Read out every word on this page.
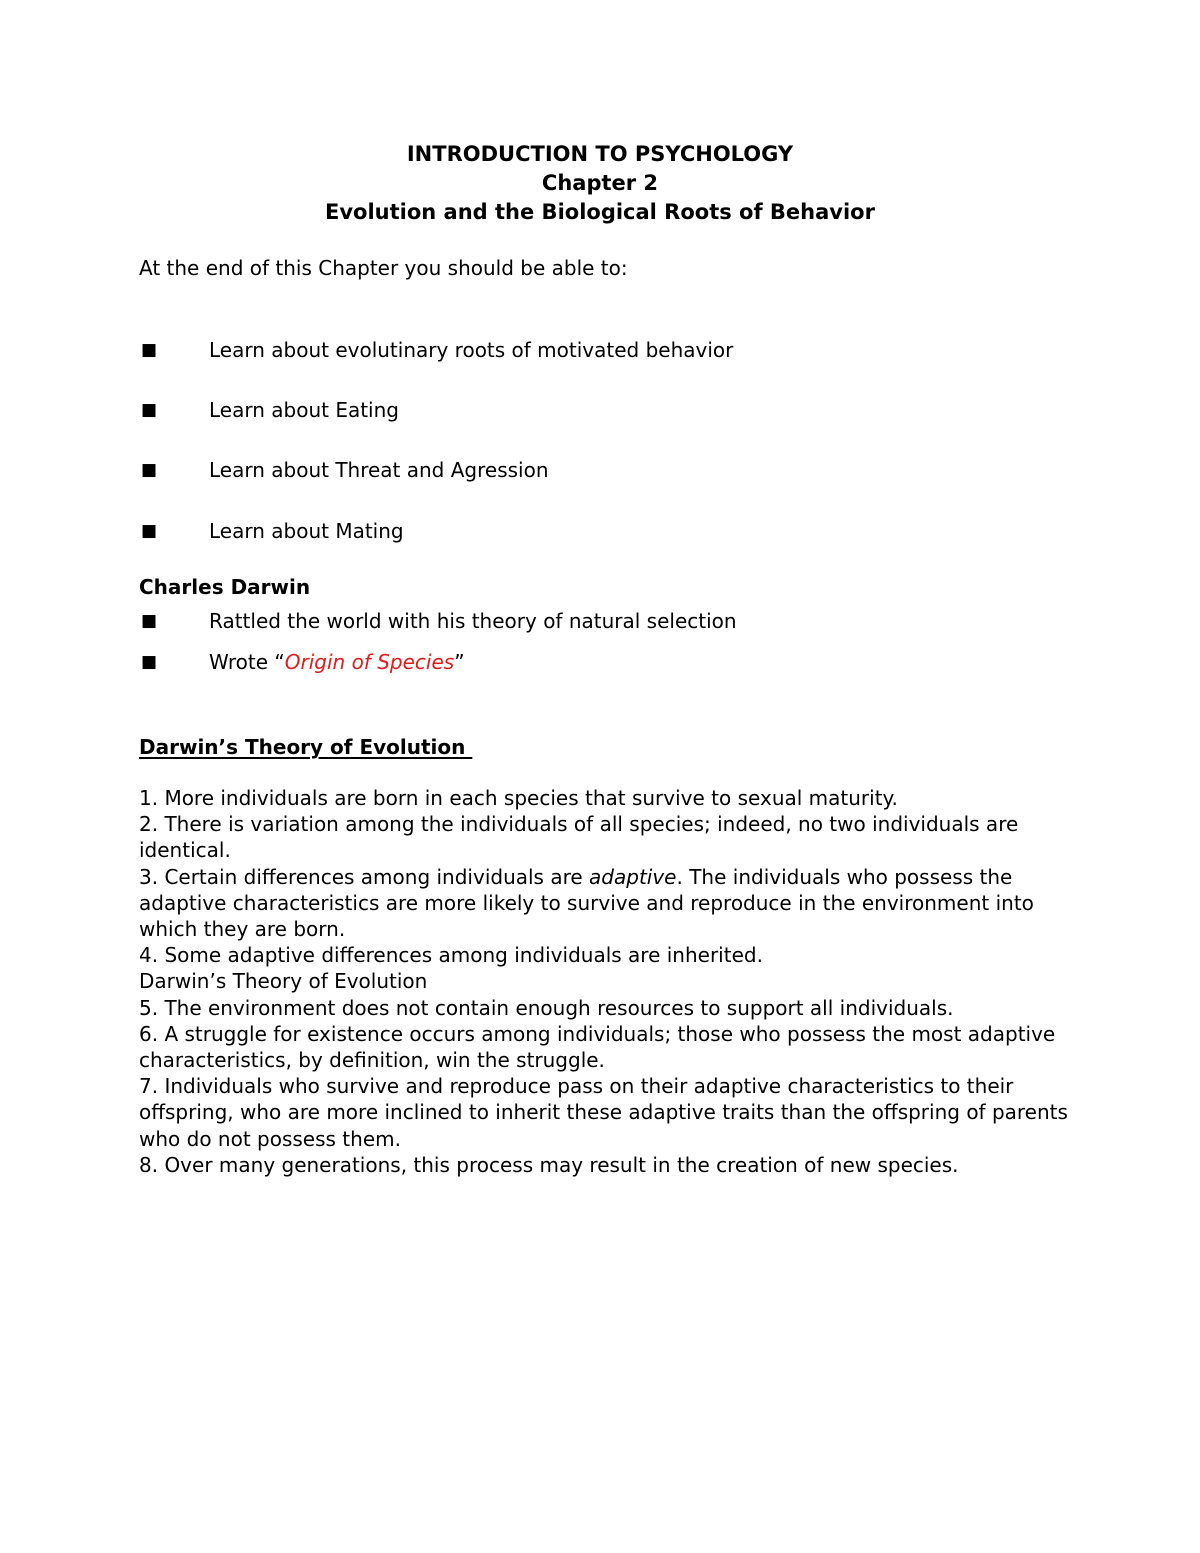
INTRODUCTION TO PSYCHOLOGY
Chapter 2
Evolution and the Biological Roots of Behavior
At the end of this Chapter you should be able to:
■	Learn about evolutinary roots of motivated behavior
■	Learn about Eating
■	Learn about Threat and Agression
■	Learn about Mating
Charles Darwin
■	Rattled the world with his theory of natural selection
■	Wrote “Origin of Species”
Darwin’s Theory of Evolution

1. More individuals are born in each species that survive to sexual maturity.

2. There is variation among the individuals of all species; indeed, no two individuals are identical.

3. Certain differences among individuals are adaptive. The individuals who possess the adaptive characteristics are more likely to survive and reproduce in the environment into which they are born.

4. Some adaptive differences among individuals are inherited.

Darwin’s Theory of Evolution

5. The environment does not contain enough resources to support all individuals.

6. A struggle for existence occurs among individuals; those who possess the most adaptive characteristics, by definition, win the struggle.

7. Individuals who survive and reproduce pass on their adaptive characteristics to their offspring, who are more inclined to inherit these adaptive traits than the offspring of parents who do not possess them.

8. Over many generations, this process may result in the creation of new species.
